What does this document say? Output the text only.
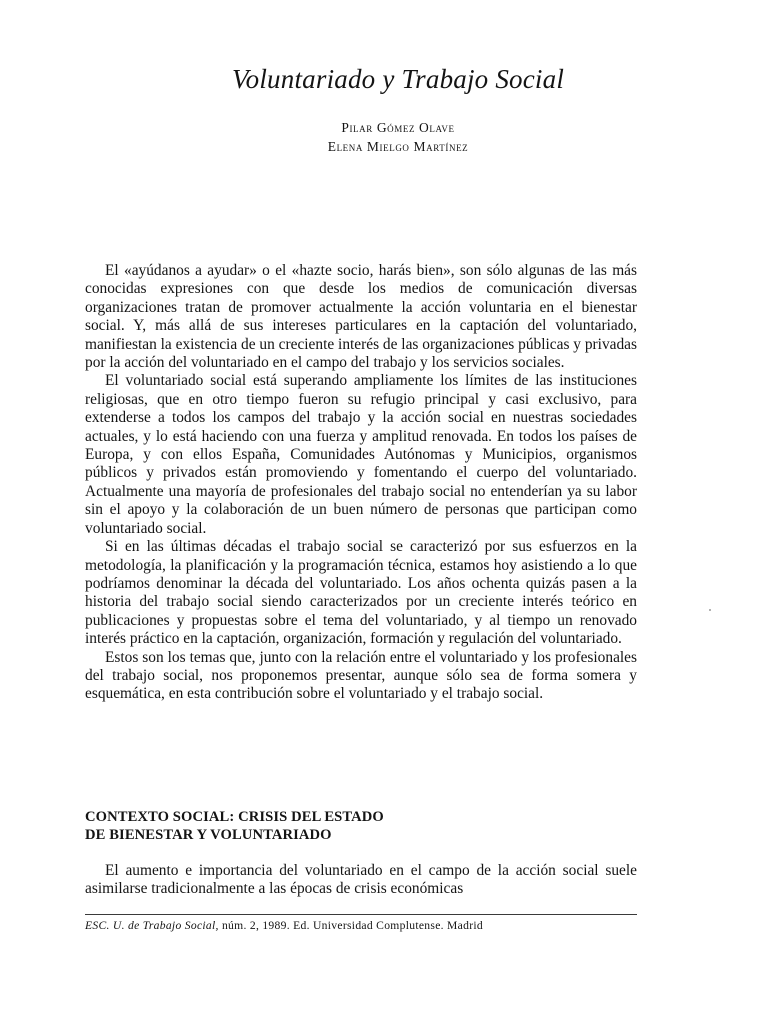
Voluntariado y Trabajo Social
Pilar Gómez Olave
Elena Mielgo Martínez

El «ayúdanos a ayudar» o el «hazte socio, harás bien», son sólo algunas de las más conocidas expresiones con que desde los medios de comunicación diversas organizaciones tratan de promover actualmente la acción voluntaria en el bienestar social. Y, más allá de sus intereses particulares en la captación del voluntariado, manifiestan la existencia de un creciente interés de las organizaciones públicas y privadas por la acción del voluntariado en el campo del trabajo y los servicios sociales.

El voluntariado social está superando ampliamente los límites de las instituciones religiosas, que en otro tiempo fueron su refugio principal y casi exclusivo, para extenderse a todos los campos del trabajo y la acción social en nuestras sociedades actuales, y lo está haciendo con una fuerza y amplitud renovada. En todos los países de Europa, y con ellos España, Comunidades Autónomas y Municipios, organismos públicos y privados están promoviendo y fomentando el cuerpo del voluntariado. Actualmente una mayoría de profesionales del trabajo social no entenderían ya su labor sin el apoyo y la colaboración de un buen número de personas que participan como voluntariado social.

Si en las últimas décadas el trabajo social se caracterizó por sus esfuerzos en la metodología, la planificación y la programación técnica, estamos hoy asistiendo a lo que podríamos denominar la década del voluntariado. Los años ochenta quizás pasen a la historia del trabajo social siendo caracterizados por un creciente interés teórico en publicaciones y propuestas sobre el tema del voluntariado, y al tiempo un renovado interés práctico en la captación, organización, formación y regulación del voluntariado.

Estos son los temas que, junto con la relación entre el voluntariado y los profesionales del trabajo social, nos proponemos presentar, aunque sólo sea de forma somera y esquemática, en esta contribución sobre el voluntariado y el trabajo social.

CONTEXTO SOCIAL: CRISIS DEL ESTADO
DE BIENESTAR Y VOLUNTARIADO

El aumento e importancia del voluntariado en el campo de la acción social suele asimilarse tradicionalmente a las épocas de crisis económicas

ESC. U. de Trabajo Social, núm. 2, 1989. Ed. Universidad Complutense. Madrid
